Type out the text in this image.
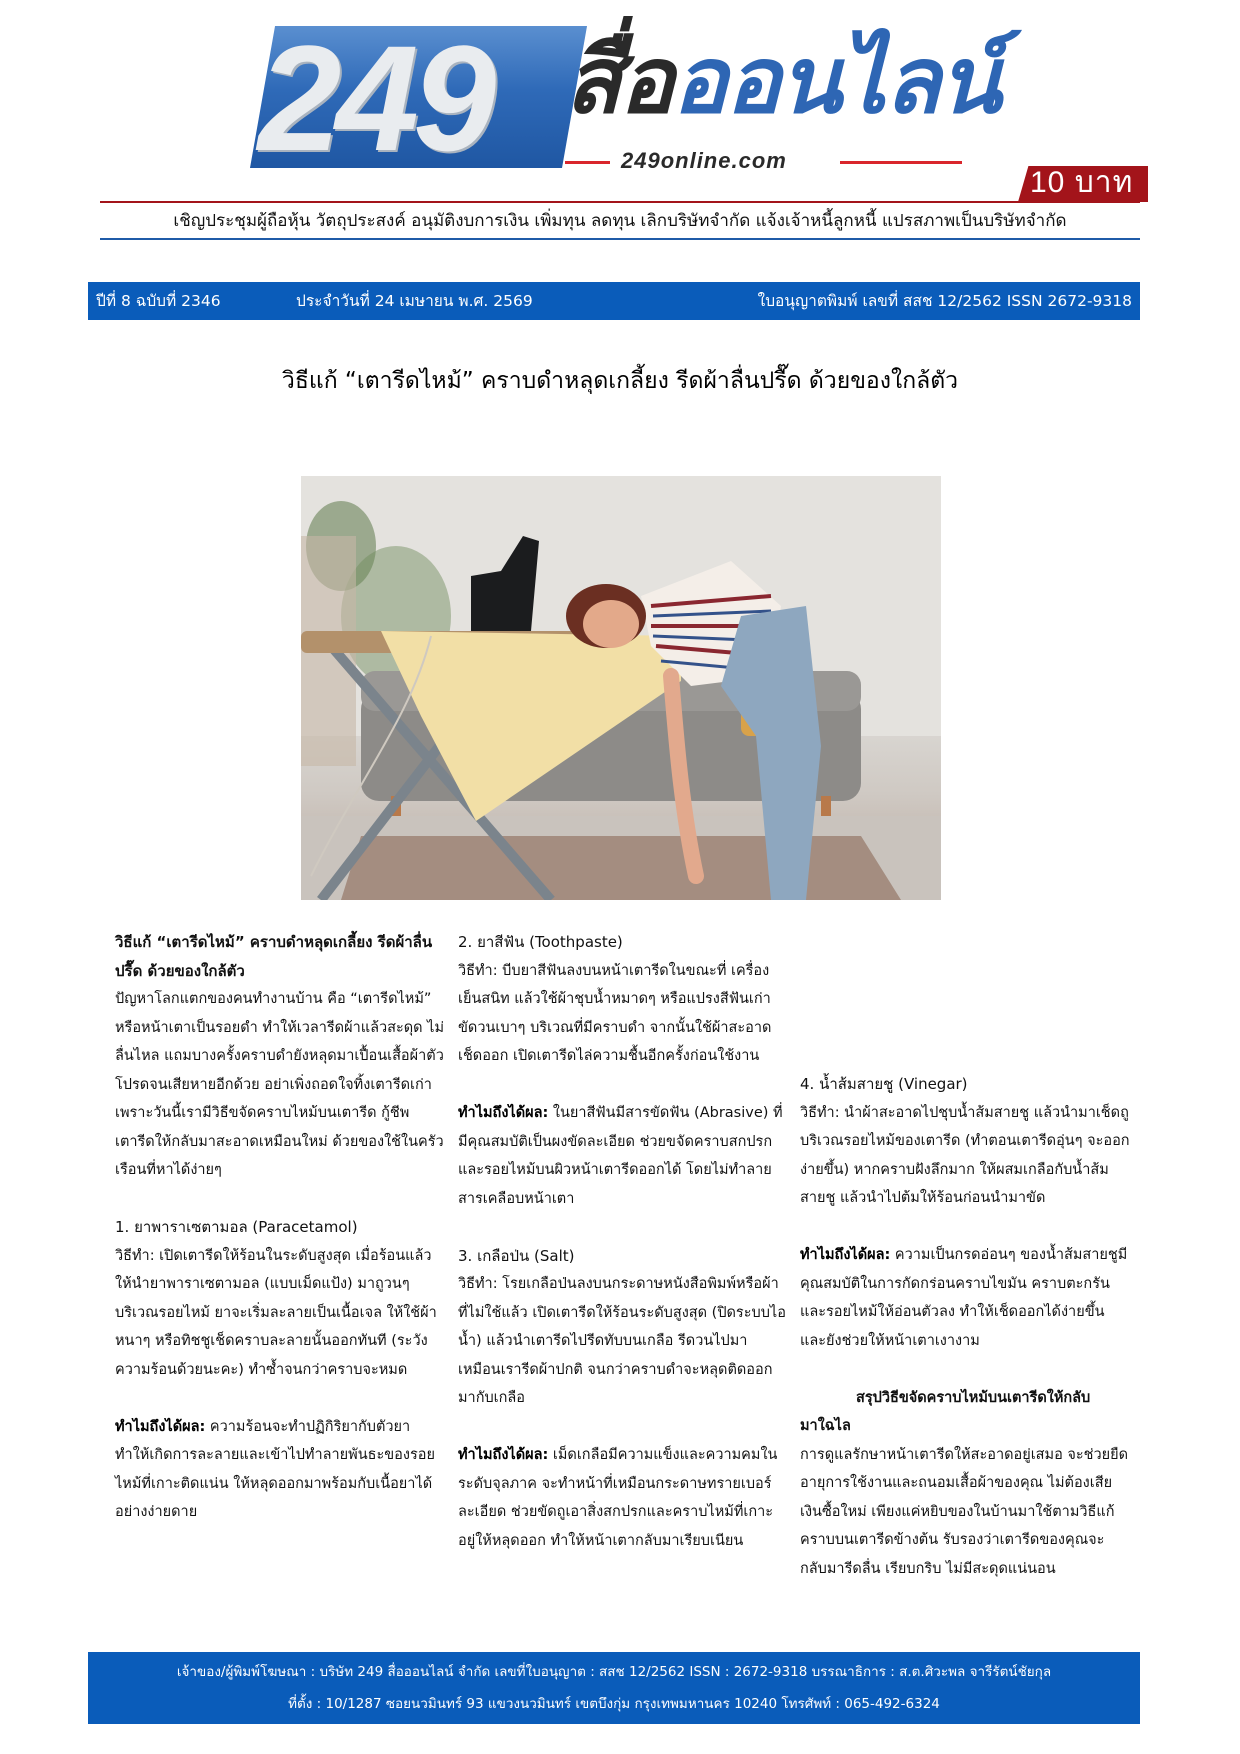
249 สื่อออนไลน์
249online.com
10 บาท
เชิญประชุมผู้ถือหุ้น วัตถุประสงค์ อนุมัติงบการเงิน เพิ่มทุน ลดทุน เลิกบริษัทจำกัด แจ้งเจ้าหนี้ลูกหนี้ แปรสภาพเป็นบริษัทจำกัด
ปีที่ 8 ฉบับที่ 2346	ประจำวันที่ 24 เมษายน พ.ศ. 2569	ใบอนุญาตพิมพ์ เลขที่ สสช 12/2562 ISSN 2672-9318
วิธีแก้ “เตารีดไหม้” คราบดำหลุดเกลี้ยง รีดผ้าลื่นปรื๊ด ด้วยของใกล้ตัว

วิธีแก้ “เตารีดไหม้” คราบดำหลุดเกลี้ยง รีดผ้าลื่นปรื๊ด ด้วยของใกล้ตัว

ปัญหาโลกแตกของคนทำงานบ้าน คือ “เตารีดไหม้” หรือหน้าเตาเป็นรอยดำ ทำให้เวลารีดผ้าแล้วสะดุด ไม่ลื่นไหล แถมบางครั้งคราบดำยังหลุดมาเปื้อนเสื้อผ้าตัวโปรดจนเสียหายอีกด้วย อย่าเพิ่งถอดใจทิ้งเตารีดเก่า เพราะวันนี้เรามีวิธีขจัดคราบไหม้บนเตารีด กู้ชีพเตารีดให้กลับมาสะอาดเหมือนใหม่ ด้วยของใช้ในครัวเรือนที่หาได้ง่ายๆ

1. ยาพาราเซตามอล (Paracetamol)

วิธีทำ: เปิดเตารีดให้ร้อนในระดับสูงสุด เมื่อร้อนแล้วให้นำยาพาราเซตามอล (แบบเม็ดแป้ง) มาถูวนๆ บริเวณรอยไหม้ ยาจะเริ่มละลายเป็นเนื้อเจล ให้ใช้ผ้าหนาๆ หรือทิชชูเช็ดคราบละลายนั้นออกทันที (ระวังความร้อนด้วยนะคะ) ทำซ้ำจนกว่าคราบจะหมด

ทำไมถึงได้ผล: ความร้อนจะทำปฏิกิริยากับตัวยา ทำให้เกิดการละลายและเข้าไปทำลายพันธะของรอยไหม้ที่เกาะติดแน่น ให้หลุดออกมาพร้อมกับเนื้อยาได้อย่างง่ายดาย

2. ยาสีฟัน (Toothpaste)

วิธีทำ: บีบยาสีฟันลงบนหน้าเตารีดในขณะที่ เครื่องเย็นสนิท แล้วใช้ผ้าชุบน้ำหมาดๆ หรือแปรงสีฟันเก่าขัดวนเบาๆ บริเวณที่มีคราบดำ จากนั้นใช้ผ้าสะอาดเช็ดออก เปิดเตารีดไล่ความชื้นอีกครั้งก่อนใช้งาน

ทำไมถึงได้ผล: ในยาสีฟันมีสารขัดฟัน (Abrasive) ที่มีคุณสมบัติเป็นผงขัดละเอียด ช่วยขจัดคราบสกปรกและรอยไหม้บนผิวหน้าเตารีดออกได้ โดยไม่ทำลายสารเคลือบหน้าเตา

3. เกลือป่น (Salt)

วิธีทำ: โรยเกลือป่นลงบนกระดาษหนังสือพิมพ์หรือผ้าที่ไม่ใช้แล้ว เปิดเตารีดให้ร้อนระดับสูงสุด (ปิดระบบไอน้ำ) แล้วนำเตารีดไปรีดทับบนเกลือ รีดวนไปมาเหมือนเรารีดผ้าปกติ จนกว่าคราบดำจะหลุดติดออกมากับเกลือ

ทำไมถึงได้ผล: เม็ดเกลือมีความแข็งและความคมในระดับจุลภาค จะทำหน้าที่เหมือนกระดาษทรายเบอร์ละเอียด ช่วยขัดถูเอาสิ่งสกปรกและคราบไหม้ที่เกาะอยู่ให้หลุดออก ทำให้หน้าเตากลับมาเรียบเนียน

4. น้ำส้มสายชู (Vinegar)

วิธีทำ: นำผ้าสะอาดไปชุบน้ำส้มสายชู แล้วนำมาเช็ดถูบริเวณรอยไหม้ของเตารีด (ทำตอนเตารีดอุ่นๆ จะออกง่ายขึ้น) หากคราบฝังลึกมาก ให้ผสมเกลือกับน้ำส้มสายชู แล้วนำไปต้มให้ร้อนก่อนนำมาขัด

ทำไมถึงได้ผล: ความเป็นกรดอ่อนๆ ของน้ำส้มสายชูมีคุณสมบัติในการกัดกร่อนคราบไขมัน คราบตะกรันและรอยไหม้ให้อ่อนตัวลง ทำให้เช็ดออกได้ง่ายขึ้น และยังช่วยให้หน้าเตาเงางาม

สรุปวิธีขจัดคราบไหม้บนเตารีดให้กลับมาใฉไล

การดูแลรักษาหน้าเตารีดให้สะอาดอยู่เสมอ จะช่วยยืดอายุการใช้งานและถนอมเสื้อผ้าของคุณ ไม่ต้องเสียเงินซื้อใหม่ เพียงแค่หยิบของในบ้านมาใช้ตามวิธีแก้คราบบนเตารีดข้างต้น รับรองว่าเตารีดของคุณจะกลับมารีดลื่น เรียบกริบ ไม่มีสะดุดแน่นอน

เจ้าของ/ผู้พิมพ์โฆษณา : บริษัท 249 สื่อออนไลน์ จำกัด เลขที่ใบอนุญาต : สสช 12/2562 ISSN : 2672-9318 บรรณาธิการ : ส.ต.ศิวะพล จารีรัตน์ชัยกุล
ที่ตั้ง : 10/1287 ซอยนวมินทร์ 93 แขวงนวมินทร์ เขตบึงกุ่ม กรุงเทพมหานคร 10240 โทรศัพท์ : 065-492-6324
